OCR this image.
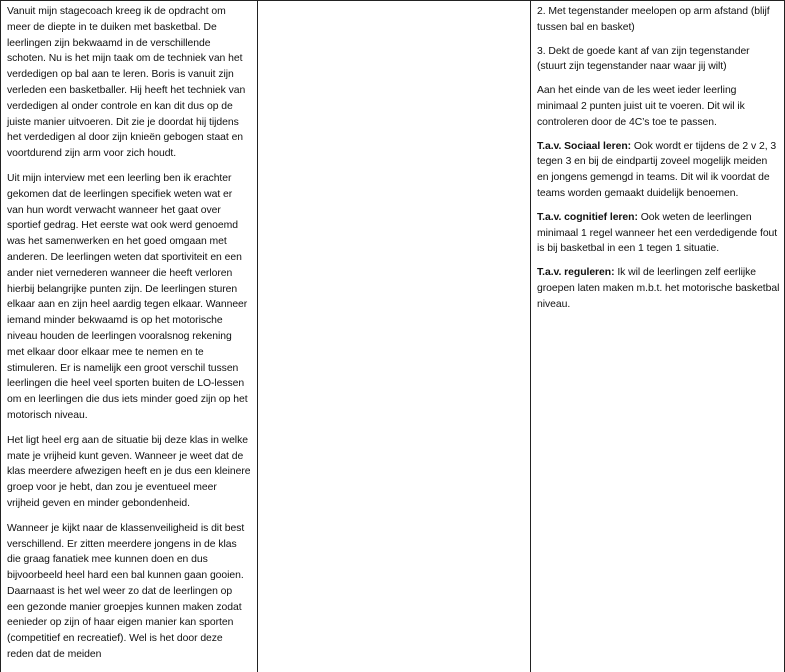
Vanuit mijn stagecoach kreeg ik de opdracht om meer de diepte in te duiken met basketbal. De leerlingen zijn bekwaamd in de verschillende schoten. Nu is het mijn taak om de techniek van het verdedigen op bal aan te leren. Boris is vanuit zijn verleden een basketballer. Hij heeft het techniek van verdedigen al onder controle en kan dit dus op de juiste manier uitvoeren. Dit zie je doordat hij tijdens het verdedigen al door zijn knieën gebogen staat en voortdurend zijn arm voor zich houdt.

Uit mijn interview met een leerling ben ik erachter gekomen dat de leerlingen specifiek weten wat er van hun wordt verwacht wanneer het gaat over sportief gedrag. Het eerste wat ook werd genoemd was het samenwerken en het goed omgaan met anderen. De leerlingen weten dat sportiviteit en een ander niet vernederen wanneer die heeft verloren hierbij belangrijke punten zijn. De leerlingen sturen elkaar aan en zijn heel aardig tegen elkaar. Wanneer iemand minder bekwaamd is op het motorische niveau houden de leerlingen vooralsnog rekening met elkaar door elkaar mee te nemen en te stimuleren. Er is namelijk een groot verschil tussen leerlingen die heel veel sporten buiten de LO-lessen om en leerlingen die dus iets minder goed zijn op het motorisch niveau.

Het ligt heel erg aan de situatie bij deze klas in welke mate je vrijheid kunt geven. Wanneer je weet dat de klas meerdere afwezigen heeft en je dus een kleinere groep voor je hebt, dan zou je eventueel meer vrijheid geven en minder gebondenheid.

Wanneer je kijkt naar de klassenveiligheid is dit best verschillend. Er zitten meerdere jongens in de klas die graag fanatiek mee kunnen doen en dus bijvoorbeeld heel hard een bal kunnen gaan gooien. Daarnaast is het wel weer zo dat de leerlingen op een gezonde manier groepjes kunnen maken zodat eenieder op zijn of haar eigen manier kan sporten (competitief en recreatief). Wel is het door deze reden dat de meiden

2. Met tegenstander meelopen op arm afstand (blijf tussen bal en basket)

3. Dekt de goede kant af van zijn tegenstander (stuurt zijn tegenstander naar waar jij wilt)

Aan het einde van de les weet ieder leerling minimaal 2 punten juist uit te voeren. Dit wil ik controleren door de 4C’s toe te passen.

T.a.v. Sociaal leren: Ook wordt er tijdens de 2 v 2, 3 tegen 3 en bij de eindpartij zoveel mogelijk meiden en jongens gemengd in teams. Dit wil ik voordat de teams worden gemaakt duidelijk benoemen.

T.a.v. cognitief leren: Ook weten de leerlingen minimaal 1 regel wanneer het een verdedigende fout is bij basketbal in een 1 tegen 1 situatie.

T.a.v. reguleren: Ik wil de leerlingen zelf eerlijke groepen laten maken m.b.t. het motorische basketbal niveau.
